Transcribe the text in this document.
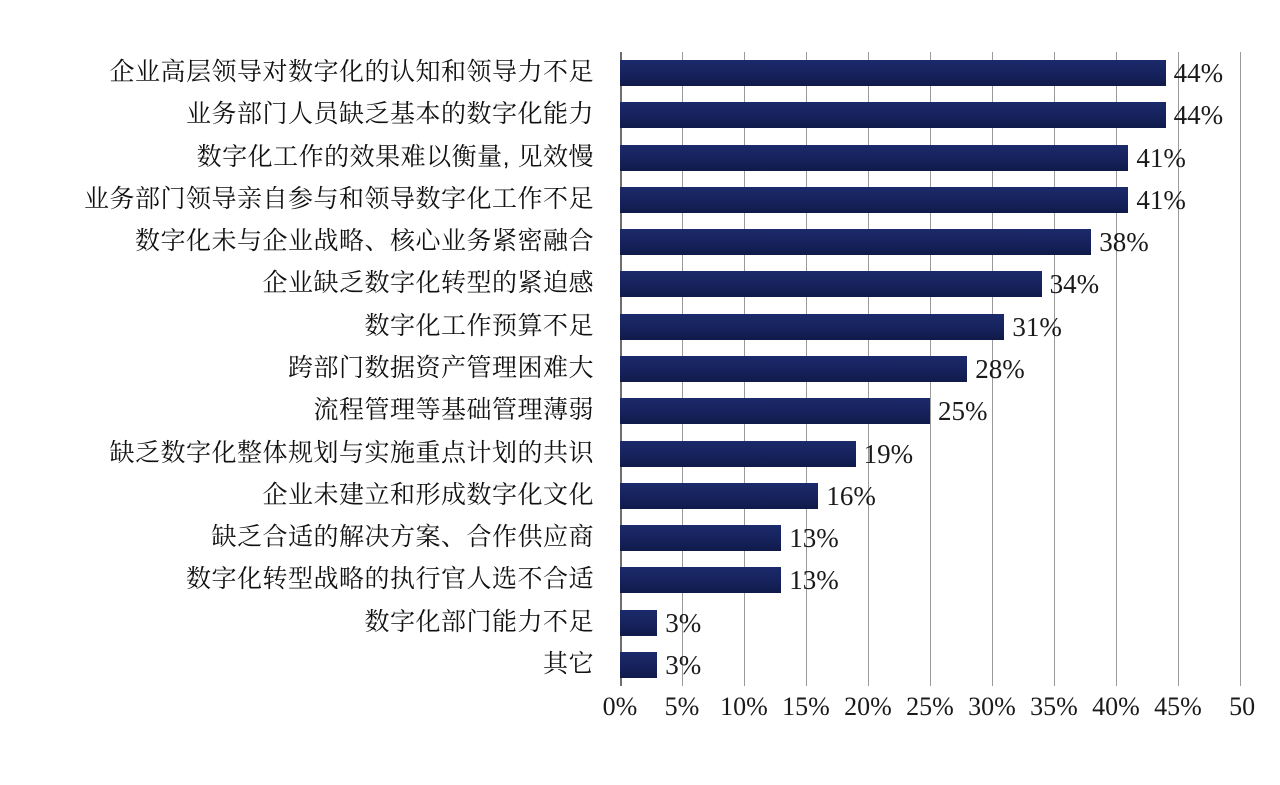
44%
44%
41%
41%
38%
34%
31%
28%
25%
19%
16%
13%
13%
3%
3%
企业高层领导对数字化的认知和领导力不足
业务部门人员缺乏基本的数字化能力
数字化工作的效果难以衡量, 见效慢
业务部门领导亲自参与和领导数字化工作不足
数字化未与企业战略、核心业务紧密融合
企业缺乏数字化转型的紧迫感
数字化工作预算不足
跨部门数据资产管理困难大
流程管理等基础管理薄弱
缺乏数字化整体规划与实施重点计划的共识
企业未建立和形成数字化文化
缺乏合适的解决方案、合作供应商
数字化转型战略的执行官人选不合适
数字化部门能力不足
其它
0% 5% 10% 15% 20% 25% 30% 35% 40% 45% 50
